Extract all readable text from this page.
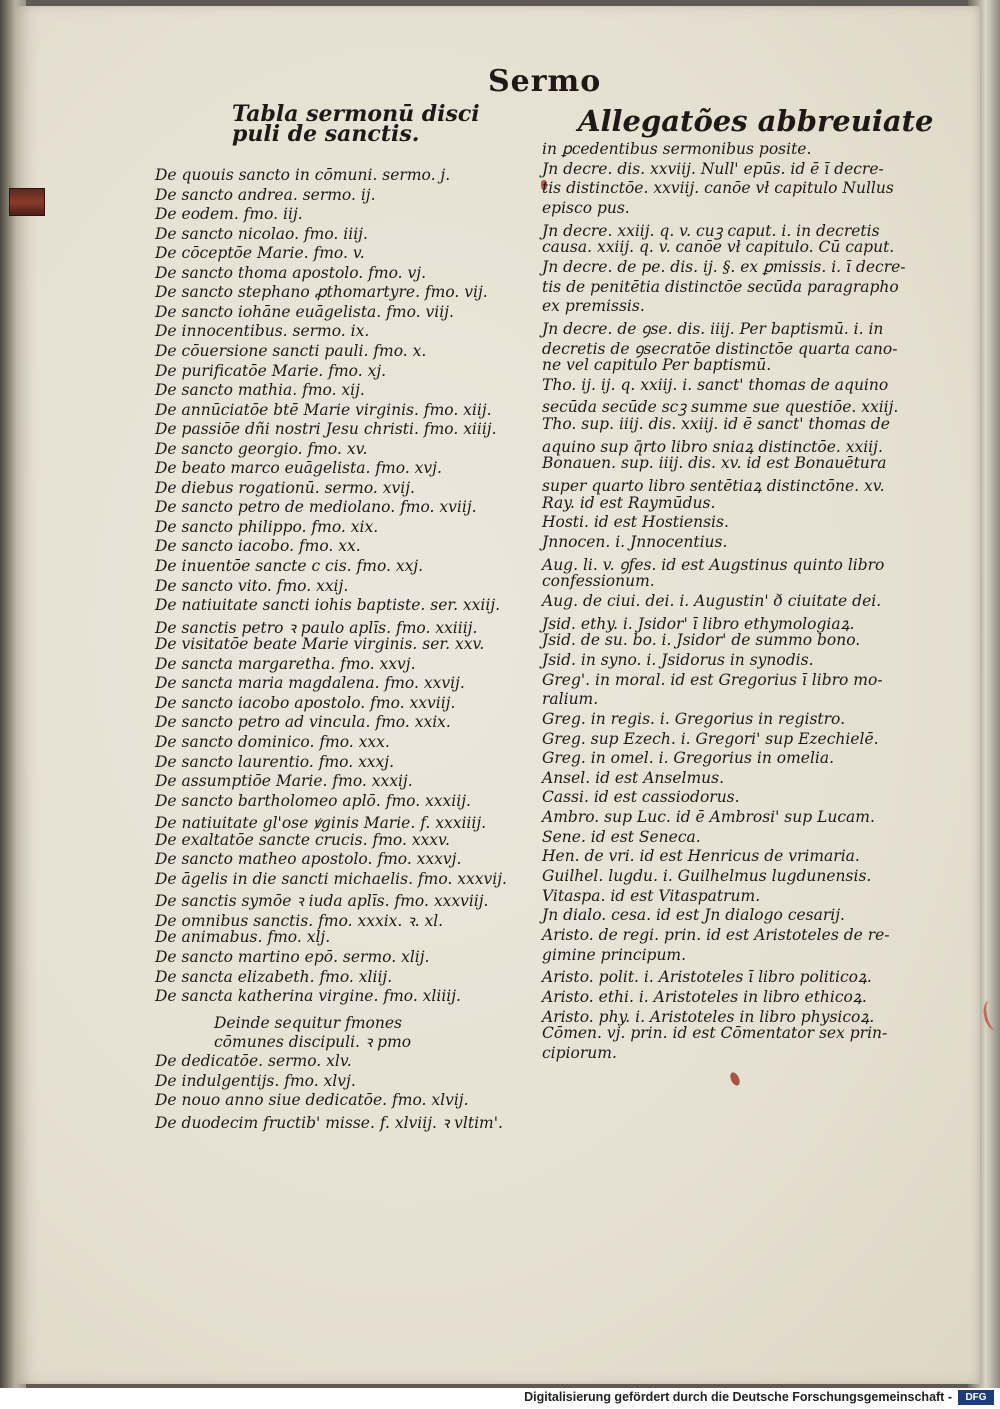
Sermo
Tabla sermonū disci
puli de sanctis.	Allegatões abbreuiate
Deinde sequitur fmones
cōmunes discipuli. ꝛ pmo
De quouis sancto in cōmuni. sermo. j.
De sancto andrea. sermo. ij.
De eodem. fmo. iij.
De sancto nicolao. fmo. iiij.
De cōceptōe Marie. fmo. v.
De sancto thoma apostolo. fmo. vj.
De sancto stephano ꝓthomartyre. fmo. vij.
De sancto iohāne euāgelista. fmo. viij.
De innocentibus. sermo. ix.
De cōuersione sancti pauli. fmo. x.
De purificatōe Marie. fmo. xj.
De sancto mathia. fmo. xij.
De annūciatōe btē Marie virginis. fmo. xiij.
De passiōe dñi nostri Jesu christi. fmo. xiiij.
De sancto georgio. fmo. xv.
De beato marco euāgelista. fmo. xvj.
De diebus rogationū. sermo. xvij.
De sancto petro de mediolano. fmo. xviij.
De sancto philippo. fmo. xix.
De sancto iacobo. fmo. xx.
De inuentōe sancte c cis. fmo. xxj.
De sancto vito. fmo. xxij.
De natiuitate sancti iohis baptiste. ser. xxiij.
De sanctis petro ꝛ paulo aplīs. fmo. xxiiij.
De visitatōe beate Marie virginis. ser. xxv.
De sancta margaretha. fmo. xxvj.
De sancta maria magdalena. fmo. xxvij.
De sancto iacobo apostolo. fmo. xxviij.
De sancto petro ad vincula. fmo. xxix.
De sancto dominico. fmo. xxx.
De sancto laurentio. fmo. xxxj.
De assumptiōe Marie. fmo. xxxij.
De sancto bartholomeo aplō. fmo. xxxiij.
De natiuitate gl'ose ꝟginis Marie. f. xxxiiij.
De exaltatōe sancte crucis. fmo. xxxv.
De sancto matheo apostolo. fmo. xxxvj.
De āgelis in die sancti michaelis. fmo. xxxvij.
De sanctis symōe ꝛ iuda aplīs. fmo. xxxviij.
De omnibus sanctis. fmo. xxxix. ꝛ. xl.
De animabus. fmo. xlj.
De sancto martino epō. sermo. xlij.
De sancta elizabeth. fmo. xliij.
De sancta katherina virgine. fmo. xliiij.
De dedicatōe. sermo. xlv.
De indulgentijs. fmo. xlvj.
De nouo anno siue dedicatōe. fmo. xlvij.
De duodecim fructib' misse. f. xlviij. ꝛ vltim'.
in ꝑcedentibus sermonibus posite.
Jn decre. dis. xxviij. Null' epūs. id ē ī decre-
tis distinctōe. xxviij. canōe vł capitulo Nullus
episco pus.
Jn decre. xxiij. q. v. cuꝫ caput. i. in decretis
causa. xxiij. q. v. canōe vł capitulo. Cū caput.
Jn decre. de pe. dis. ij. §. ex ꝑmissis. i. ī decre-
tis de penitētia distinctōe secūda paragrapho
ex premissis.
Jn decre. de ꝯse. dis. iiij. Per baptismū. i. in
decretis de ꝯsecratōe distinctōe quarta cano-
ne vel capitulo Per baptismū.
Tho. ij. ij. q. xxiij. i. sanct' thomas de aquino
secūda secūde scꝫ summe sue questiōe. xxiij.
Tho. sup. iiij. dis. xxiij. id ē sanct' thomas de
aquino sup q̄rto libro sniaꝝ distinctōe. xxiij.
Bonauen. sup. iiij. dis. xv. id est Bonauētura
super quarto libro sentētiaꝝ distinctōne. xv.
Ray. id est Raymūdus.
Hosti. id est Hostiensis.
Jnnocen. i. Jnnocentius.
Aug. li. v. ꝯfes. id est Augstinus quinto libro
confessionum.
Aug. de ciui. dei. i. Augustin' ð ciuitate dei.
Jsid. ethy. i. Jsidor' ī libro ethymologiaꝝ.
Jsid. de su. bo. i. Jsidor' de summo bono.
Jsid. in syno. i. Jsidorus in synodis.
Greg'. in moral. id est Gregorius ī libro mo-
ralium.
Greg. in regis. i. Gregorius in registro.
Greg. sup Ezech. i. Gregori' sup Ezechielē.
Greg. in omel. i. Gregorius in omelia.
Ansel. id est Anselmus.
Cassi. id est cassiodorus.
Ambro. sup Luc. id ē Ambrosi' sup Lucam.
Sene. id est Seneca.
Hen. de vri. id est Henricus de vrimaria.
Guilhel. lugdu. i. Guilhelmus lugdunensis.
Vitaspa. id est Vitaspatrum.
Jn dialo. cesa. id est Jn dialogo cesarij.
Aristo. de regi. prin. id est Aristoteles de re-
gimine principum.
Aristo. polit. i. Aristoteles ī libro politicoꝝ.
Aristo. ethi. i. Aristoteles in libro ethicoꝝ.
Aristo. phy. i. Aristoteles in libro physicoꝝ.
Cōmen. vj. prin. id est Cōmentator sex prin-
cipiorum.
Digitalisierung gefördert durch die Deutsche Forschungsgemeinschaft -	DFG
